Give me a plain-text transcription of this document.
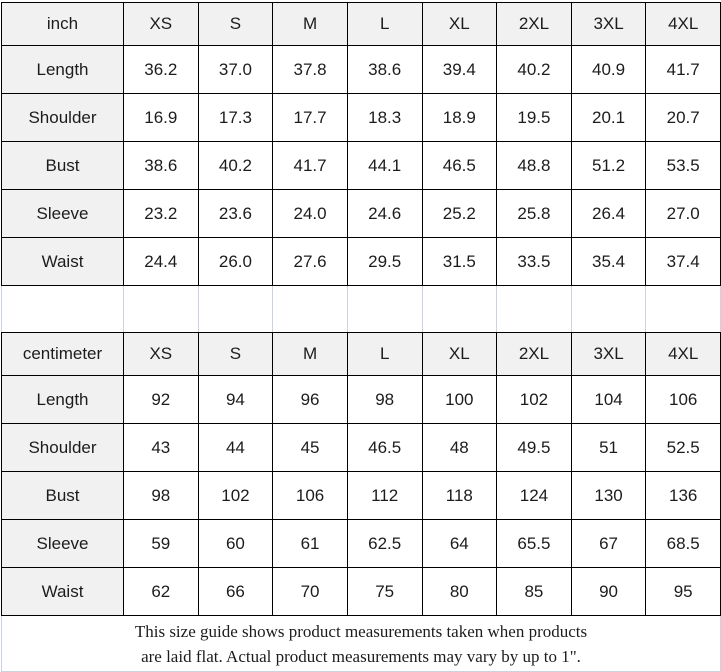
inch	XS	S	M	L	XL	2XL	3XL	4XL
Length	36.2	37.0	37.8	38.6	39.4	40.2	40.9	41.7
Shoulder	16.9	17.3	17.7	18.3	18.9	19.5	20.1	20.7
Bust	38.6	40.2	41.7	44.1	46.5	48.8	51.2	53.5
Sleeve	23.2	23.6	24.0	24.6	25.2	25.8	26.4	27.0
Waist	24.4	26.0	27.6	29.5	31.5	33.5	35.4	37.4
centimeter	XS	S	M	L	XL	2XL	3XL	4XL
Length	92	94	96	98	100	102	104	106
Shoulder	43	44	45	46.5	48	49.5	51	52.5
Bust	98	102	106	112	118	124	130	136
Sleeve	59	60	61	62.5	64	65.5	67	68.5
Waist	62	66	70	75	80	85	90	95
This size guide shows product measurements taken when products
are laid flat. Actual product measurements may vary by up to 1".
